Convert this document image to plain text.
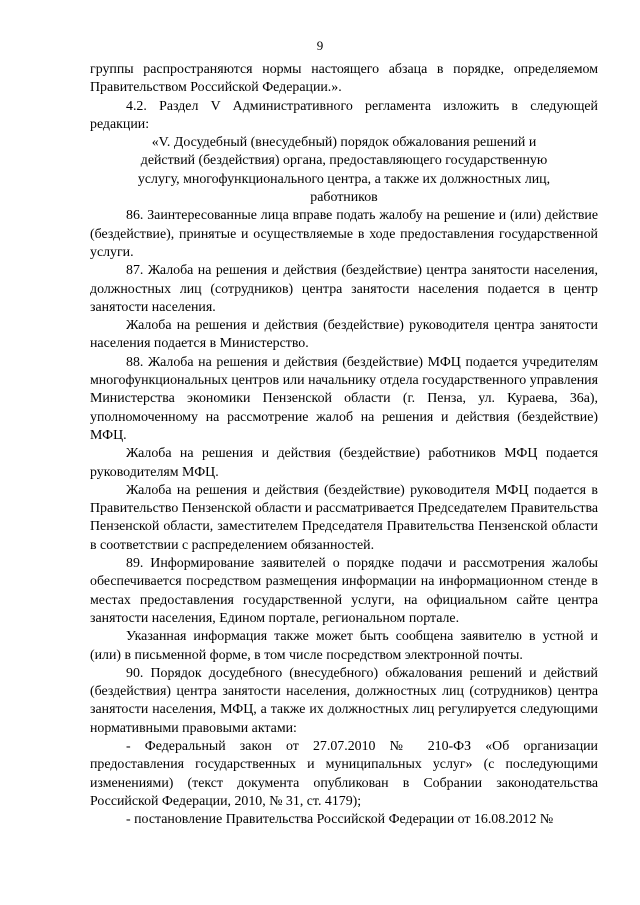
9

группы распространяются нормы настоящего абзаца в порядке, определяемом Правительством Российской Федерации.».

4.2. Раздел V Административного регламента изложить в следующей редакции:

«V. Досудебный (внесудебный) порядок обжалования решений и действий (бездействия) органа, предоставляющего государственную услугу, многофункционального центра, а также их должностных лиц, работников

86. Заинтересованные лица вправе подать жалобу на решение и (или) действие (бездействие), принятые и осуществляемые в ходе предоставления государственной услуги.

87. Жалоба на решения и действия (бездействие) центра занятости населения, должностных лиц (сотрудников) центра занятости населения подается в центр занятости населения.

Жалоба на решения и действия (бездействие) руководителя центра занятости населения подается в Министерство.

88. Жалоба на решения и действия (бездействие) МФЦ подается учредителям многофункциональных центров или начальнику отдела государственного управления Министерства экономики Пензенской области (г. Пенза, ул. Кураева, 36а), уполномоченному на рассмотрение жалоб на решения и действия (бездействие) МФЦ.

Жалоба на решения и действия (бездействие) работников МФЦ подается руководителям МФЦ.

Жалоба на решения и действия (бездействие) руководителя МФЦ подается в Правительство Пензенской области и рассматривается Председателем Правительства Пензенской области, заместителем Председателя Правительства Пензенской области в соответствии с распределением обязанностей.

89. Информирование заявителей о порядке подачи и рассмотрения жалобы обеспечивается посредством размещения информации на информационном стенде в местах предоставления государственной услуги, на официальном сайте центра занятости населения, Едином портале, региональном портале.

Указанная информация также может быть сообщена заявителю в устной и (или) в письменной форме, в том числе посредством электронной почты.

90. Порядок досудебного (внесудебного) обжалования решений и действий (бездействия) центра занятости населения, должностных лиц (сотрудников) центра занятости населения, МФЦ, а также их должностных лиц регулируется следующими нормативными правовыми актами:

- Федеральный закон от 27.07.2010 № 210-ФЗ «Об организации предоставления государственных и муниципальных услуг» (с последующими изменениями) (текст документа опубликован в Собрании законодательства Российской Федерации, 2010, № 31, ст. 4179);

- постановление Правительства Российской Федерации от 16.08.2012 №
